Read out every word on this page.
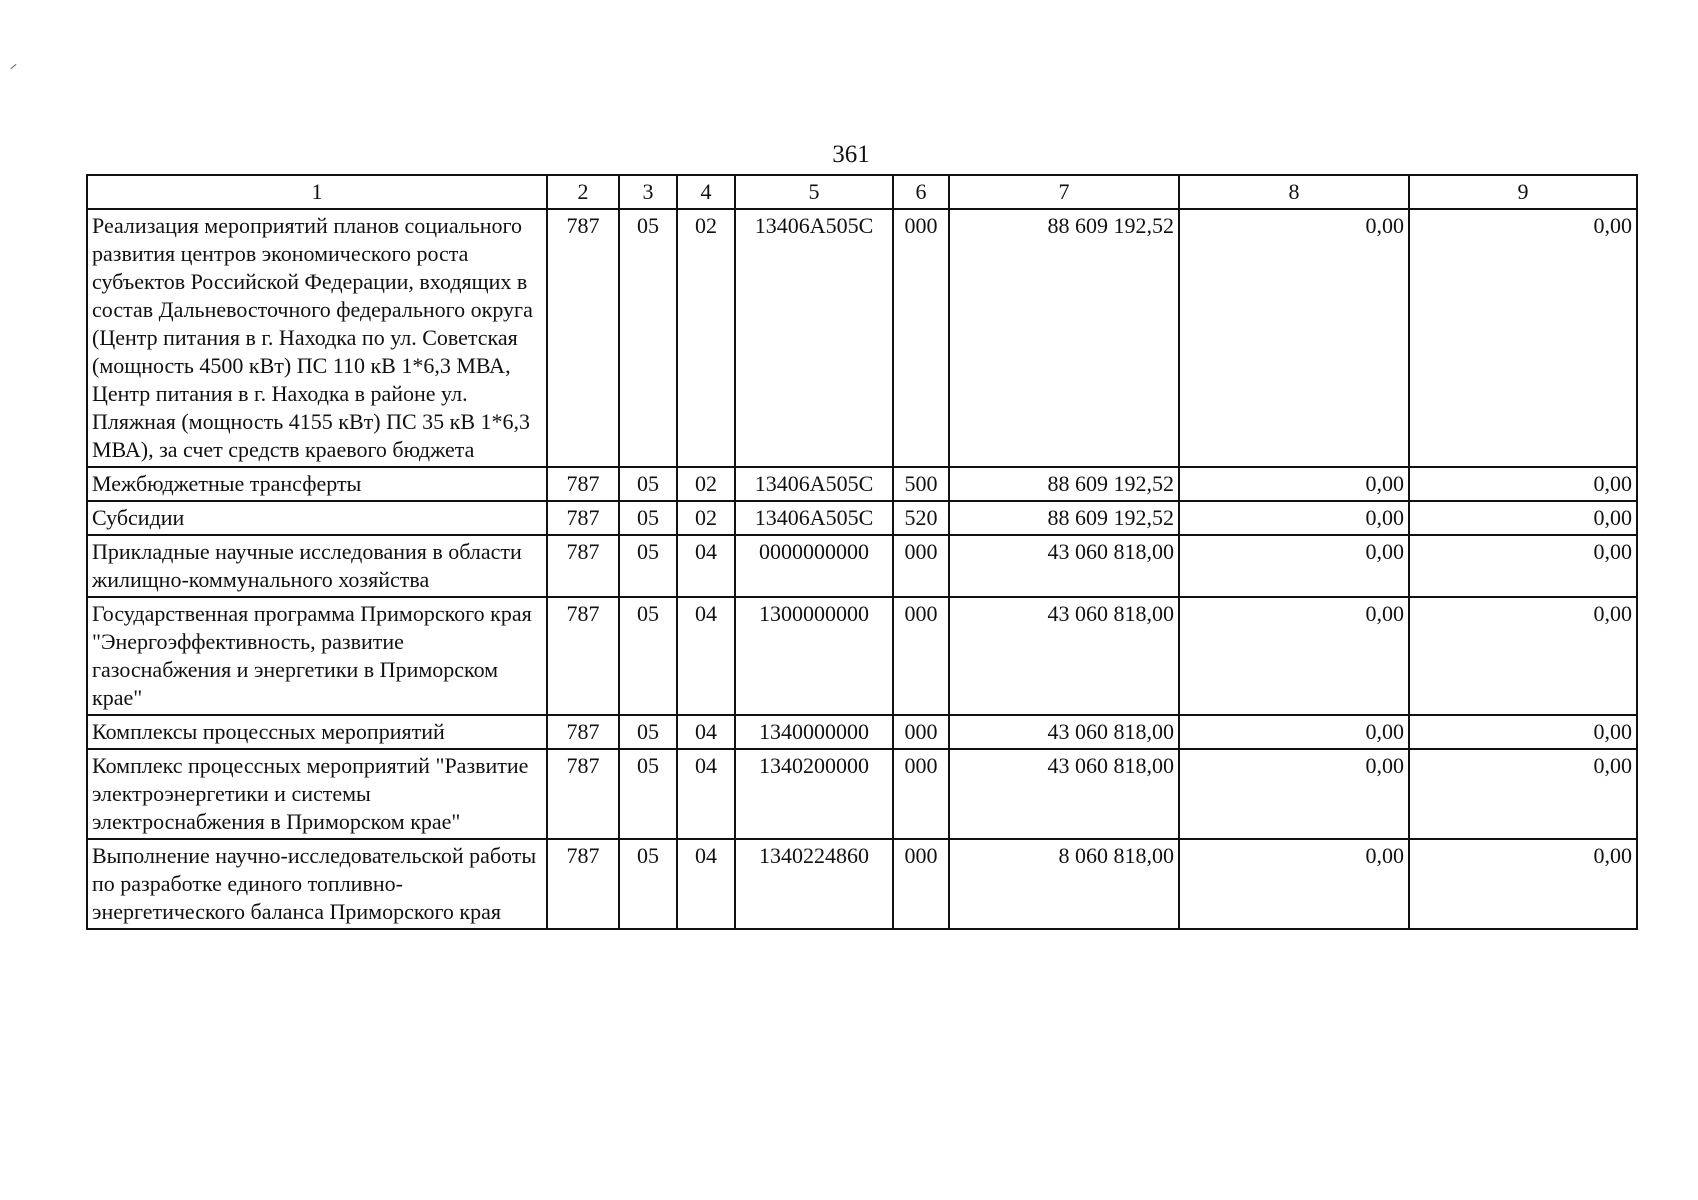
361
1	2	3	4	5	6	7	8	9
Реализация мероприятий планов социального развития центров экономического роста субъектов Российской Федерации, входящих в состав Дальневосточного федерального округа (Центр питания в г. Находка по ул. Советская (мощность 4500 кВт) ПС 110 кВ 1*6,3 МВА, Центр питания в г. Находка в районе ул. Пляжная (мощность 4155 кВт) ПС 35 кВ 1*6,3 МВА), за счет средств краевого бюджета	787	05	02	13406А505С	000	88 609 192,52	0,00	0,00
Межбюджетные трансферты	787	05	02	13406А505С	500	88 609 192,52	0,00	0,00
Субсидии	787	05	02	13406А505С	520	88 609 192,52	0,00	0,00
Прикладные научные исследования в области жилищно-коммунального хозяйства	787	05	04	0000000000	000	43 060 818,00	0,00	0,00
Государственная программа Приморского края "Энергоэффективность, развитие газоснабжения и энергетики в Приморском крае"	787	05	04	1300000000	000	43 060 818,00	0,00	0,00
Комплексы процессных мероприятий	787	05	04	1340000000	000	43 060 818,00	0,00	0,00
Комплекс процессных мероприятий "Развитие электроэнергетики и системы электроснабжения в Приморском крае"	787	05	04	1340200000	000	43 060 818,00	0,00	0,00
Выполнение научно-исследовательской работы по разработке единого топливно-энергетического баланса Приморского края	787	05	04	1340224860	000	8 060 818,00	0,00	0,00
